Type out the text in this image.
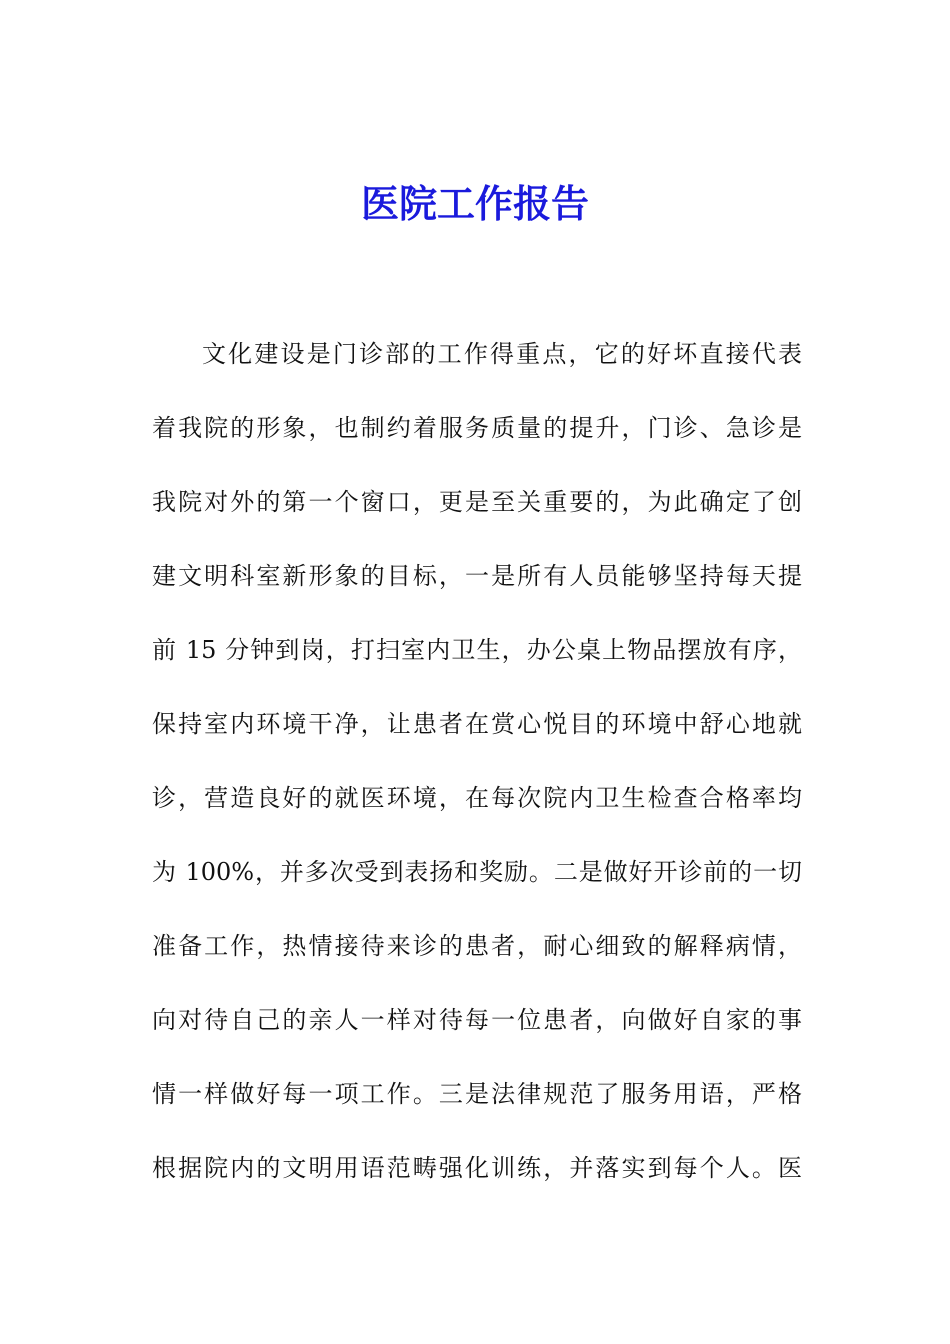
医院工作报告
文化建设是门诊部的工作得重点，它的好坏直接代表
着我院的形象，也制约着服务质量的提升，门诊、急诊是
我院对外的第一个窗口，更是至关重要的，为此确定了创
建文明科室新形象的目标，一是所有人员能够坚持每天提
前 15 分钟到岗，打扫室内卫生，办公桌上物品摆放有序，
保持室内环境干净，让患者在赏心悦目的环境中舒心地就
诊，营造良好的就医环境，在每次院内卫生检查合格率均
为 100%，并多次受到表扬和奖励。二是做好开诊前的一切
准备工作，热情接待来诊的患者，耐心细致的解释病情，
向对待自己的亲人一样对待每一位患者，向做好自家的事
情一样做好每一项工作。三是法律规范了服务用语，严格
根据院内的文明用语范畴强化训练，并落实到每个人。医
